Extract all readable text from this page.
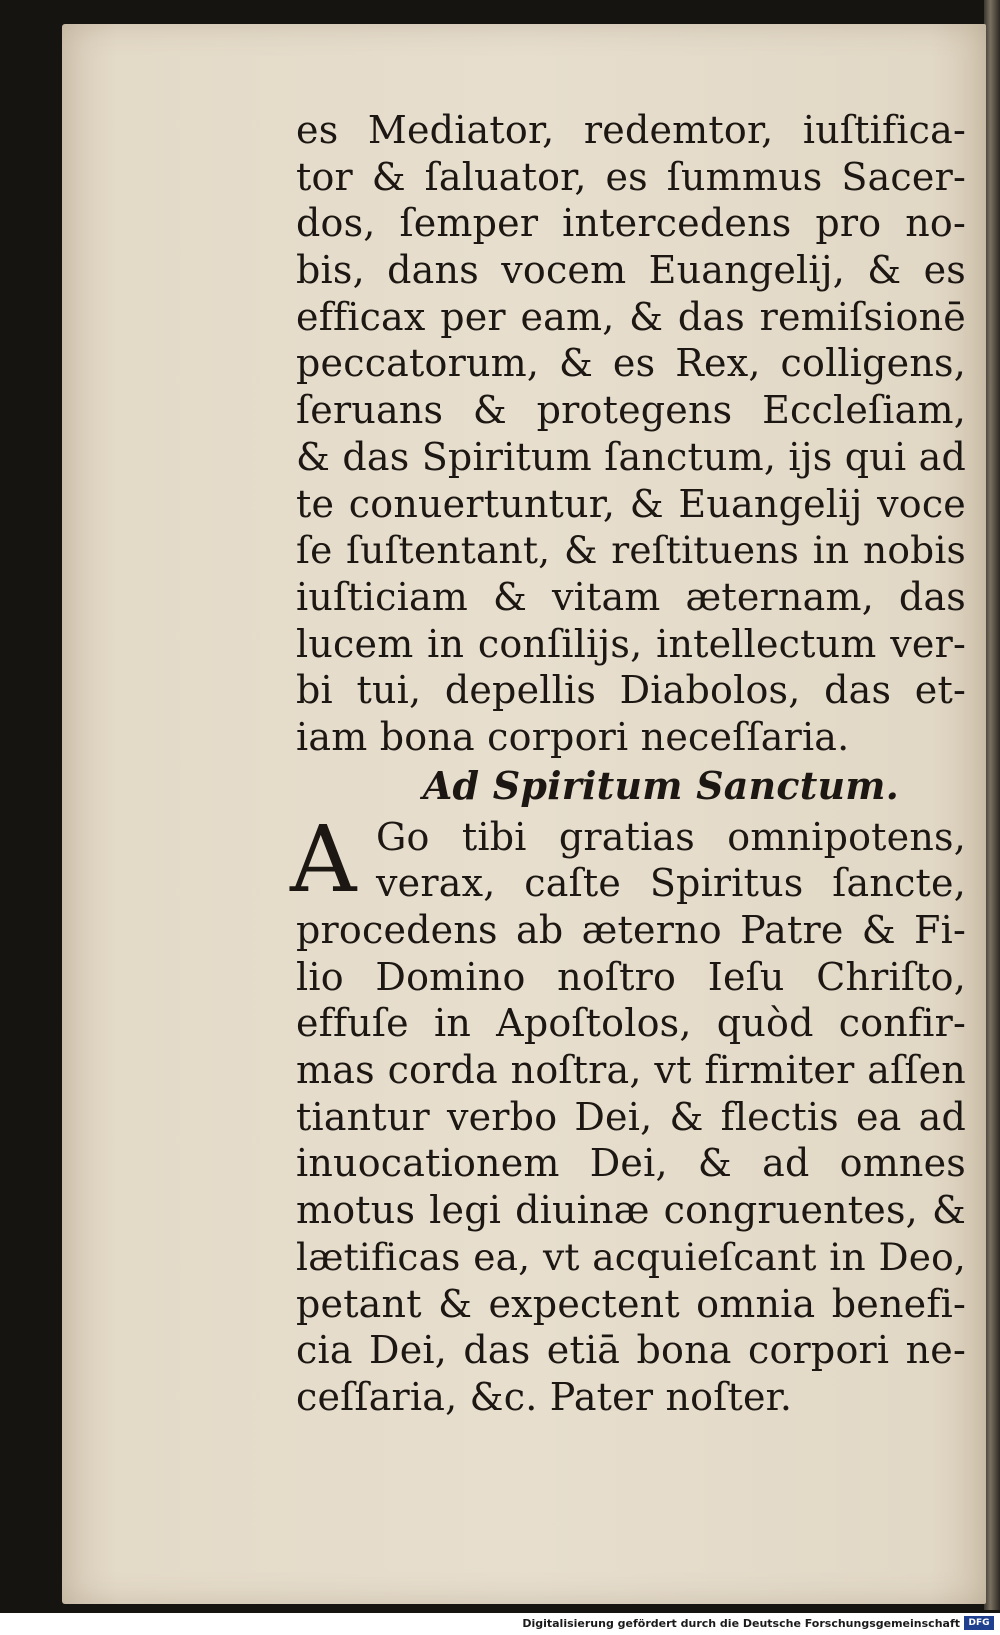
es Mediator, redemtor, iuſtifica-
tor & ſaluator, es ſummus Sacer-
dos, ſemper intercedens pro no-
bis, dans vocem Euangelij, & es
efficax per eam, & das remiſsionē
peccatorum, & es Rex, colligens,
ſeruans & protegens Eccleſiam,
& das Spiritum ſanctum, ijs qui ad
te conuertuntur, & Euangelij voce
ſe ſuſtentant, & reſtituens in nobis
iuſticiam & vitam æternam, das
lucem in conſilijs, intellectum ver-
bi tui, depellis Diabolos, das et-
iam bona corpori neceſſaria.
Ad Spiritum Sanctum.
A Go tibi gratias omnipotens,
verax, caſte Spiritus ſancte,
procedens ab æterno Patre & Fi-
lio Domino noſtro Ieſu Chriſto,
effuſe in Apoſtolos, quòd confir-
mas corda noſtra, vt firmiter aſſen
tiantur verbo Dei, & flectis ea ad
inuocationem Dei, & ad omnes
motus legi diuinæ congruentes, &
lætificas ea, vt acquieſcant in Deo,
petant & expectent omnia benefi-
cia Dei, das etiā bona corpori ne-
ceſſaria, &c. Pater noſter.
Digitalisierung gefördert durch die Deutsche Forschungsgemeinschaft DFG
